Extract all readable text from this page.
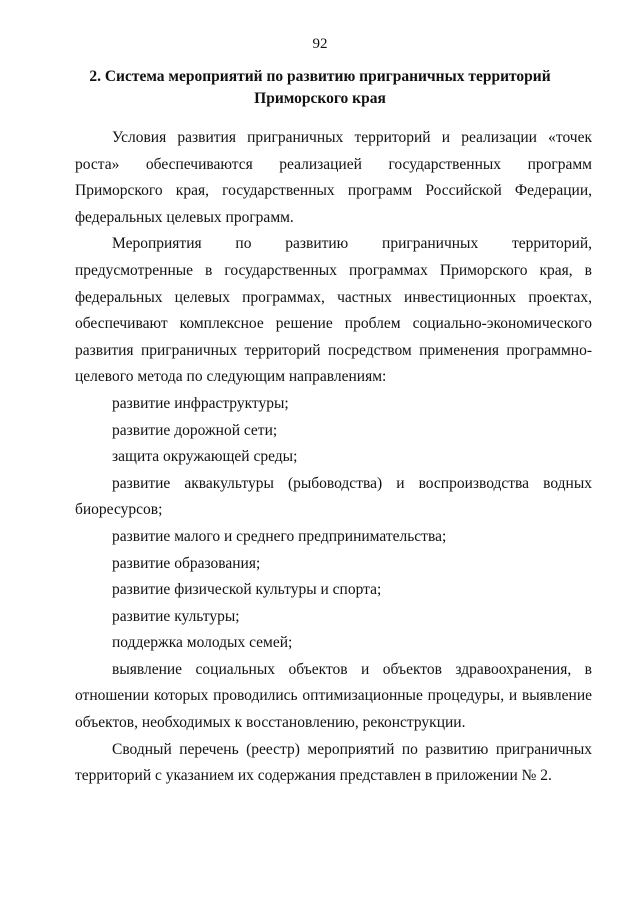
92
2. Система мероприятий по развитию приграничных территорий
Приморского края

Условия развития приграничных территорий и реализации «точек роста» обеспечиваются реализацией государственных программ Приморского края, государственных программ Российской Федерации, федеральных целевых программ.

Мероприятия по развитию приграничных территорий, предусмотренные в государственных программах Приморского края, в федеральных целевых программах, частных инвестиционных проектах, обеспечивают комплексное решение проблем социально-экономического развития приграничных территорий посредством применения программно-целевого метода по следующим направлениям:

развитие инфраструктуры;

развитие дорожной сети;

защита окружающей среды;

развитие аквакультуры (рыбоводства) и воспроизводства водных биоресурсов;

развитие малого и среднего предпринимательства;

развитие образования;

развитие физической культуры и спорта;

развитие культуры;

поддержка молодых семей;

выявление социальных объектов и объектов здравоохранения, в отношении которых проводились оптимизационные процедуры, и выявление объектов, необходимых к восстановлению, реконструкции.

Сводный перечень (реестр) мероприятий по развитию приграничных территорий с указанием их содержания представлен в приложении № 2.
